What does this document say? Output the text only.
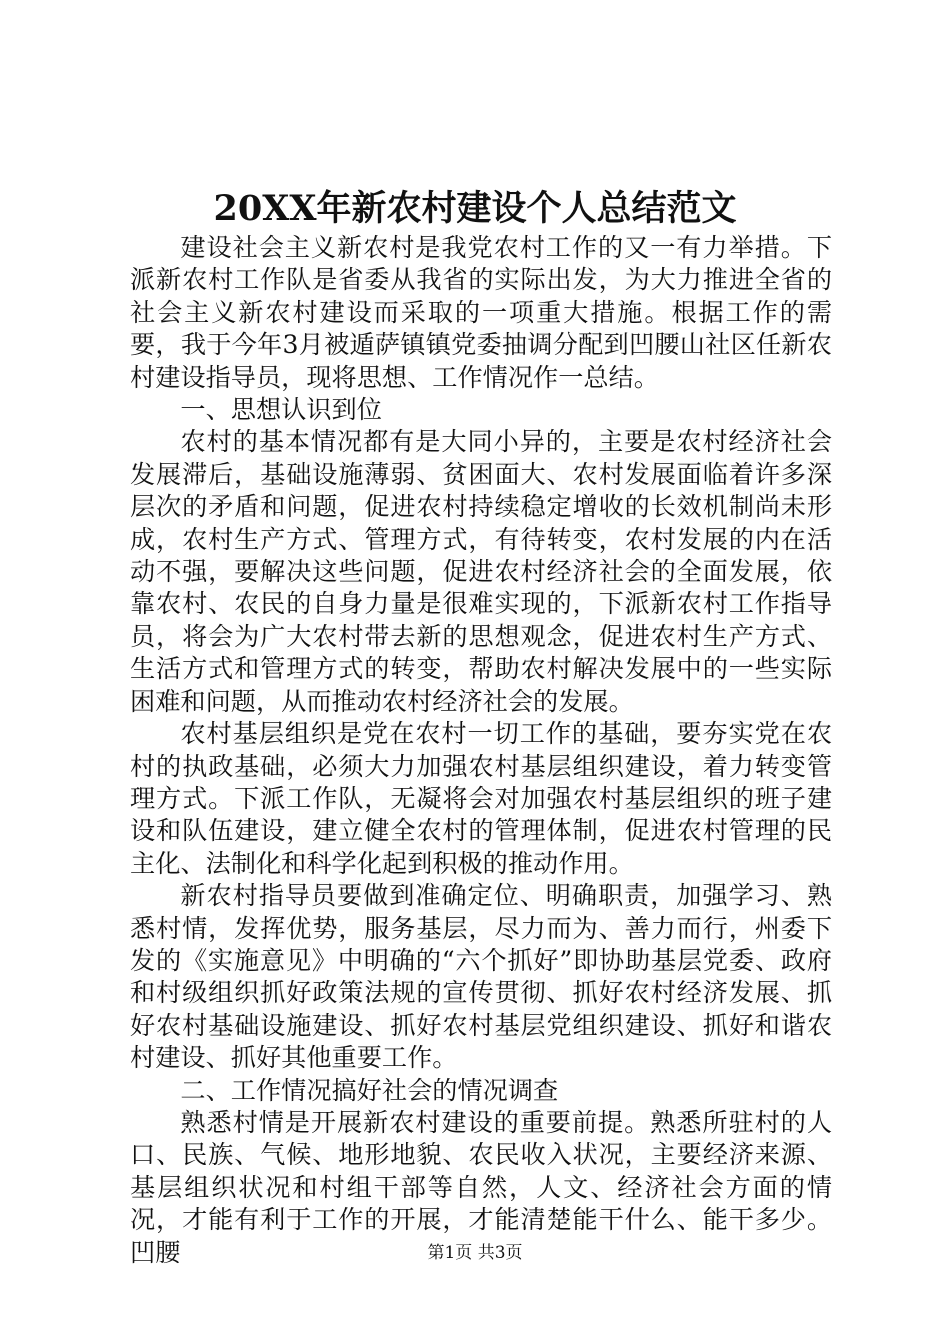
20XX年新农村建设个人总结范文

建设社会主义新农村是我党农村工作的又一有力举措。下派新农村工作队是省委从我省的实际出发，为大力推进全省的社会主义新农村建设而采取的一项重大措施。根据工作的需要，我于今年3月被遁萨镇镇党委抽调分配到凹腰山社区任新农村建设指导员，现将思想、工作情况作一总结。

一、思想认识到位

农村的基本情况都有是大同小异的，主要是农村经济社会发展滞后，基础设施薄弱、贫困面大、农村发展面临着许多深层次的矛盾和问题，促进农村持续稳定增收的长效机制尚未形成，农村生产方式、管理方式，有待转变，农村发展的内在活动不强，要解决这些问题，促进农村经济社会的全面发展，依靠农村、农民的自身力量是很难实现的，下派新农村工作指导员，将会为广大农村带去新的思想观念，促进农村生产方式、生活方式和管理方式的转变，帮助农村解决发展中的一些实际困难和问题，从而推动农村经济社会的发展。

农村基层组织是党在农村一切工作的基础，要夯实党在农村的执政基础，必须大力加强农村基层组织建设，着力转变管理方式。下派工作队，无凝将会对加强农村基层组织的班子建设和队伍建设，建立健全农村的管理体制，促进农村管理的民主化、法制化和科学化起到积极的推动作用。

新农村指导员要做到准确定位、明确职责，加强学习、熟悉村情，发挥优势，服务基层，尽力而为、善力而行，州委下发的《实施意见》中明确的“六个抓好”即协助基层党委、政府和村级组织抓好政策法规的宣传贯彻、抓好农村经济发展、抓好农村基础设施建设、抓好农村基层党组织建设、抓好和谐农村建设、抓好其他重要工作。

二、工作情况搞好社会的情况调查

熟悉村情是开展新农村建设的重要前提。熟悉所驻村的人口、民族、气候、地形地貌、农民收入状况，主要经济来源、基层组织状况和村组干部等自然，人文、经济社会方面的情况，才能有利于工作的开展，才能清楚能干什么、能干多少。凹腰	第1页 共3页
